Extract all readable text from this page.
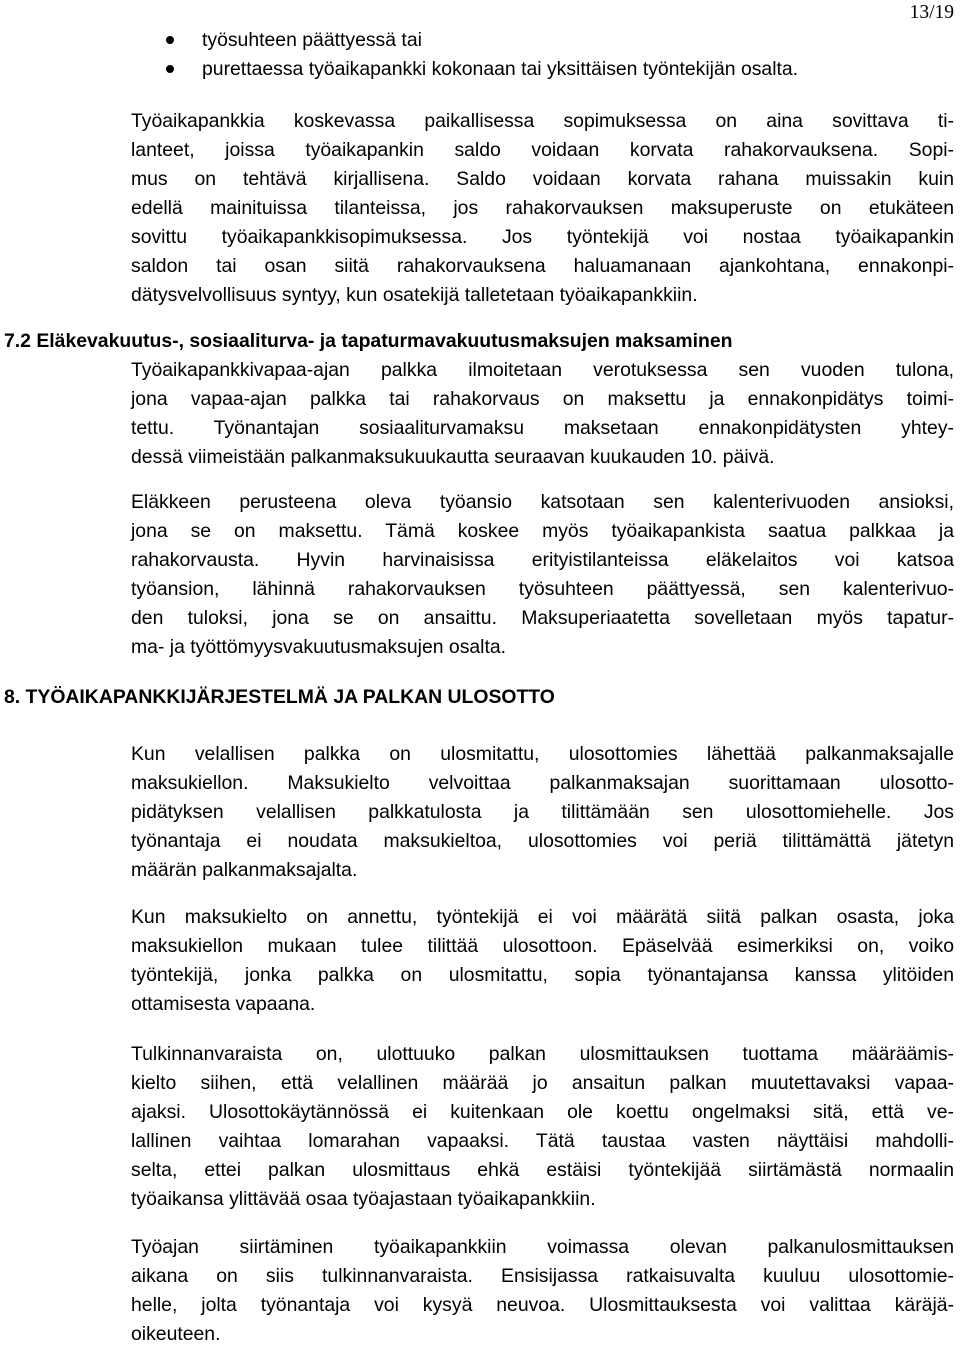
13/19
työsuhteen päättyessä tai
purettaessa työaikapankki kokonaan tai yksittäisen työntekijän osalta.
Työaikapankkia koskevassa paikallisessa sopimuksessa on aina sovittava ti-
lanteet, joissa työaikapankin saldo voidaan korvata rahakorvauksena. Sopi-
mus on tehtävä kirjallisena. Saldo voidaan korvata rahana muissakin kuin
edellä mainituissa tilanteissa, jos rahakorvauksen maksuperuste on etukäteen
sovittu työaikapankkisopimuksessa. Jos työntekijä voi nostaa työaikapankin
saldon tai osan siitä rahakorvauksena haluamanaan ajankohtana, ennakonpi-
dätysvelvollisuus syntyy, kun osatekijä talletetaan työaikapankkiin.
7.2 Eläkevakuutus-, sosiaaliturva- ja tapaturmavakuutusmaksujen maksaminen
Työaikapankkivapaa-ajan palkka ilmoitetaan verotuksessa sen vuoden tulona,
jona vapaa-ajan palkka tai rahakorvaus on maksettu ja ennakonpidätys toimi-
tettu. Työnantajan sosiaaliturvamaksu maksetaan ennakonpidätysten yhtey-
dessä viimeistään palkanmaksukuukautta seuraavan kuukauden 10. päivä.
Eläkkeen perusteena oleva työansio katsotaan sen kalenterivuoden ansioksi,
jona se on maksettu. Tämä koskee myös työaikapankista saatua palkkaa ja
rahakorvausta. Hyvin harvinaisissa erityistilanteissa eläkelaitos voi katsoa
työansion, lähinnä rahakorvauksen työsuhteen päättyessä, sen kalenterivuo-
den tuloksi, jona se on ansaittu. Maksuperiaatetta sovelletaan myös tapatur-
ma- ja työttömyysvakuutusmaksujen osalta.
8. TYÖAIKAPANKKIJÄRJESTELMÄ JA PALKAN ULOSOTTO
Kun velallisen palkka on ulosmitattu, ulosottomies lähettää palkanmaksajalle
maksukiellon. Maksukielto velvoittaa palkanmaksajan suorittamaan ulosotto-
pidätyksen velallisen palkkatulosta ja tilittämään sen ulosottomiehelle. Jos
työnantaja ei noudata maksukieltoa, ulosottomies voi periä tilittämättä jätetyn
määrän palkanmaksajalta.
Kun maksukielto on annettu, työntekijä ei voi määrätä siitä palkan osasta, joka
maksukiellon mukaan tulee tilittää ulosottoon. Epäselvää esimerkiksi on, voiko
työntekijä, jonka palkka on ulosmitattu, sopia työnantajansa kanssa ylitöiden
ottamisesta vapaana.
Tulkinnanvaraista on, ulottuuko palkan ulosmittauksen tuottama määräämis-
kielto siihen, että velallinen määrää jo ansaitun palkan muutettavaksi vapaa-
ajaksi. Ulosottokäytännössä ei kuitenkaan ole koettu ongelmaksi sitä, että ve-
lallinen vaihtaa lomarahan vapaaksi. Tätä taustaa vasten näyttäisi mahdolli-
selta, ettei palkan ulosmittaus ehkä estäisi työntekijää siirtämästä normaalin
työaikansa ylittävää osaa työajastaan työaikapankkiin.
Työajan siirtäminen työaikapankkiin voimassa olevan palkanulosmittauksen
aikana on siis tulkinnanvaraista. Ensisijassa ratkaisuvalta kuuluu ulosottomie-
helle, jolta työnantaja voi kysyä neuvoa. Ulosmittauksesta voi valittaa käräjä-
oikeuteen.
